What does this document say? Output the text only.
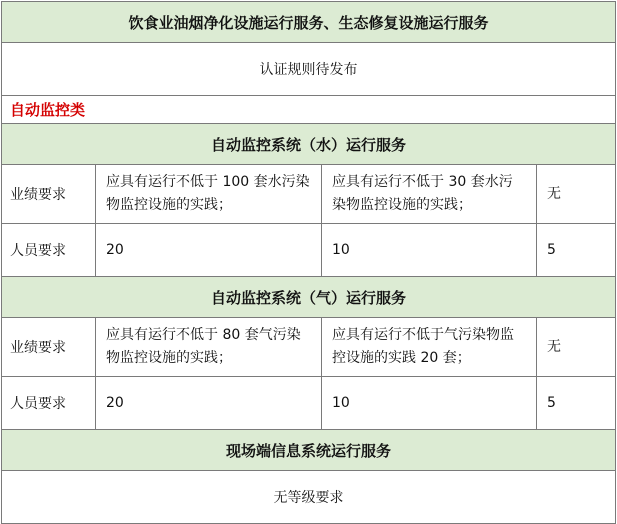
饮食业油烟净化设施运行服务、生态修复设施运行服务			
认证规则待发布			
自动监控类			
自动监控系统（水）运行服务			
业绩要求	应具有运行不低于 100 套水污染物监控设施的实践；	应具有运行不低于 30 套水污染物监控设施的实践；	无
人员要求	20	10	5
自动监控系统（气）运行服务			
业绩要求	应具有运行不低于 80 套气污染物监控设施的实践；	应具有运行不低于气污染物监控设施的实践 20 套；	无
人员要求	20	10	5
现场端信息系统运行服务			
无等级要求			
